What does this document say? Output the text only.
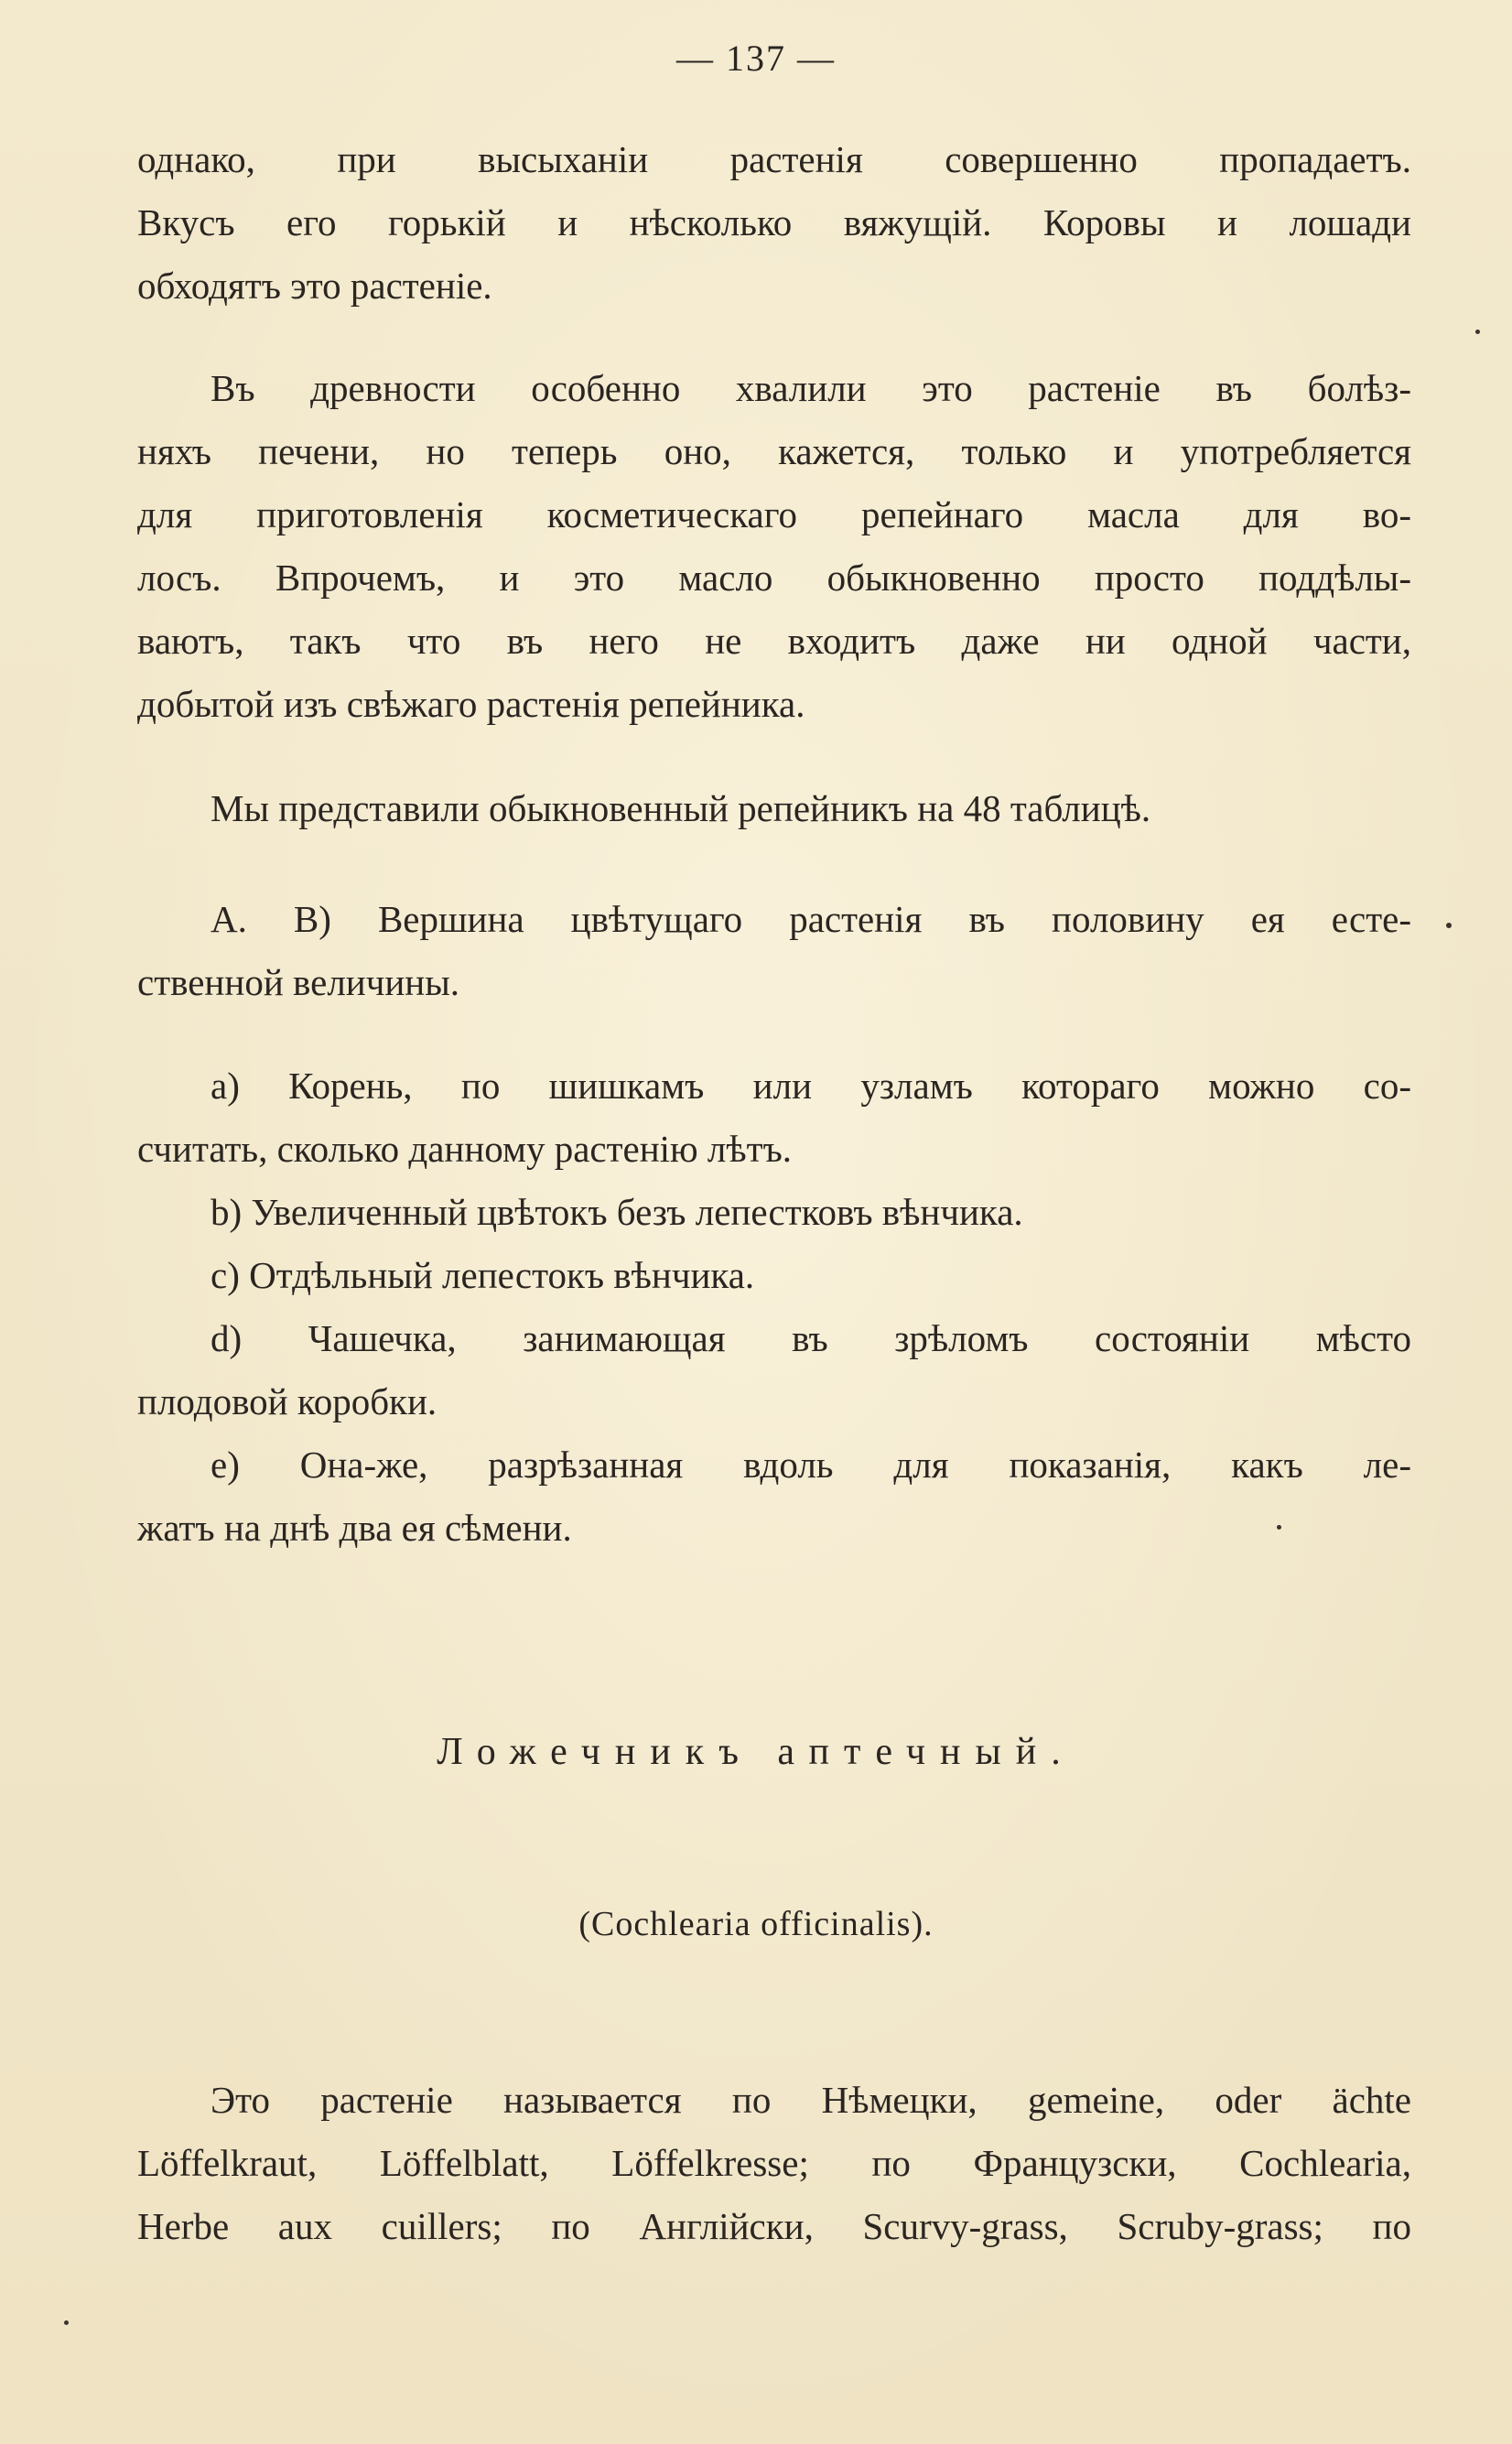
— 137 —
однако, при высыханіи растенія совершенно пропадаетъ.
Вкусъ его горькій и нѣсколько вяжущій. Коровы и лошади
обходятъ это растеніе.
Въ древности особенно хвалили это растеніе въ болѣз-
няхъ печени, но теперь оно, кажется, только и употребляется
для приготовленія косметическаго репейнаго масла для во-
лосъ. Впрочемъ, и это масло обыкновенно просто поддѣлы-
ваютъ, такъ что въ него не входитъ даже ни одной части,
добытой изъ свѣжаго растенія репейника.
Мы представили обыкновенный репейникъ на 48 таблицѣ.
А. В) Вершина цвѣтущаго растенія въ половину ея есте-
ственной величины.
а) Корень, по шишкамъ или узламъ котораго можно со-
считать, сколько данному растенію лѣтъ.
b) Увеличенный цвѣтокъ безъ лепестковъ вѣнчика.
c) Отдѣльный лепестокъ вѣнчика.
d) Чашечка, занимающая въ зрѣломъ состояніи мѣсто
плодовой коробки.
e) Она-же, разрѣзанная вдоль для показанія, какъ ле-
жатъ на днѣ два ея сѣмени.
Ложечникъ аптечный.
(Cochlearia officinalis).
Это растеніе называется по Нѣмецки, gemeine, oder ächte
Löffelkraut, Löffelblatt, Löffelkresse; по Французски, Cochlearia,
Herbe aux cuillers; по Англійски, Scurvy-grass, Scruby-grass; по
